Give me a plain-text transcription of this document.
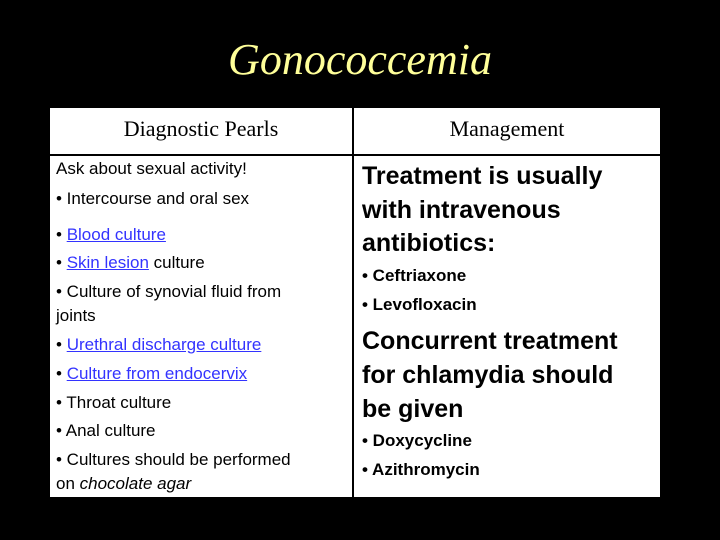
Gonococcemia
Diagnostic Pearls	Management
Ask about sexual activity!
• Intercourse and oral sex
• Blood culture
• Skin lesion culture
• Culture of synovial fluid from
joints
• Urethral discharge culture
• Culture from endocervix
• Throat culture
• Anal culture
• Cultures should be performed
on chocolate agar
Treatment is usually
with intravenous
antibiotics:
• Ceftriaxone
• Levofloxacin
Concurrent treatment
for chlamydia should
be given
• Doxycycline
• Azithromycin
